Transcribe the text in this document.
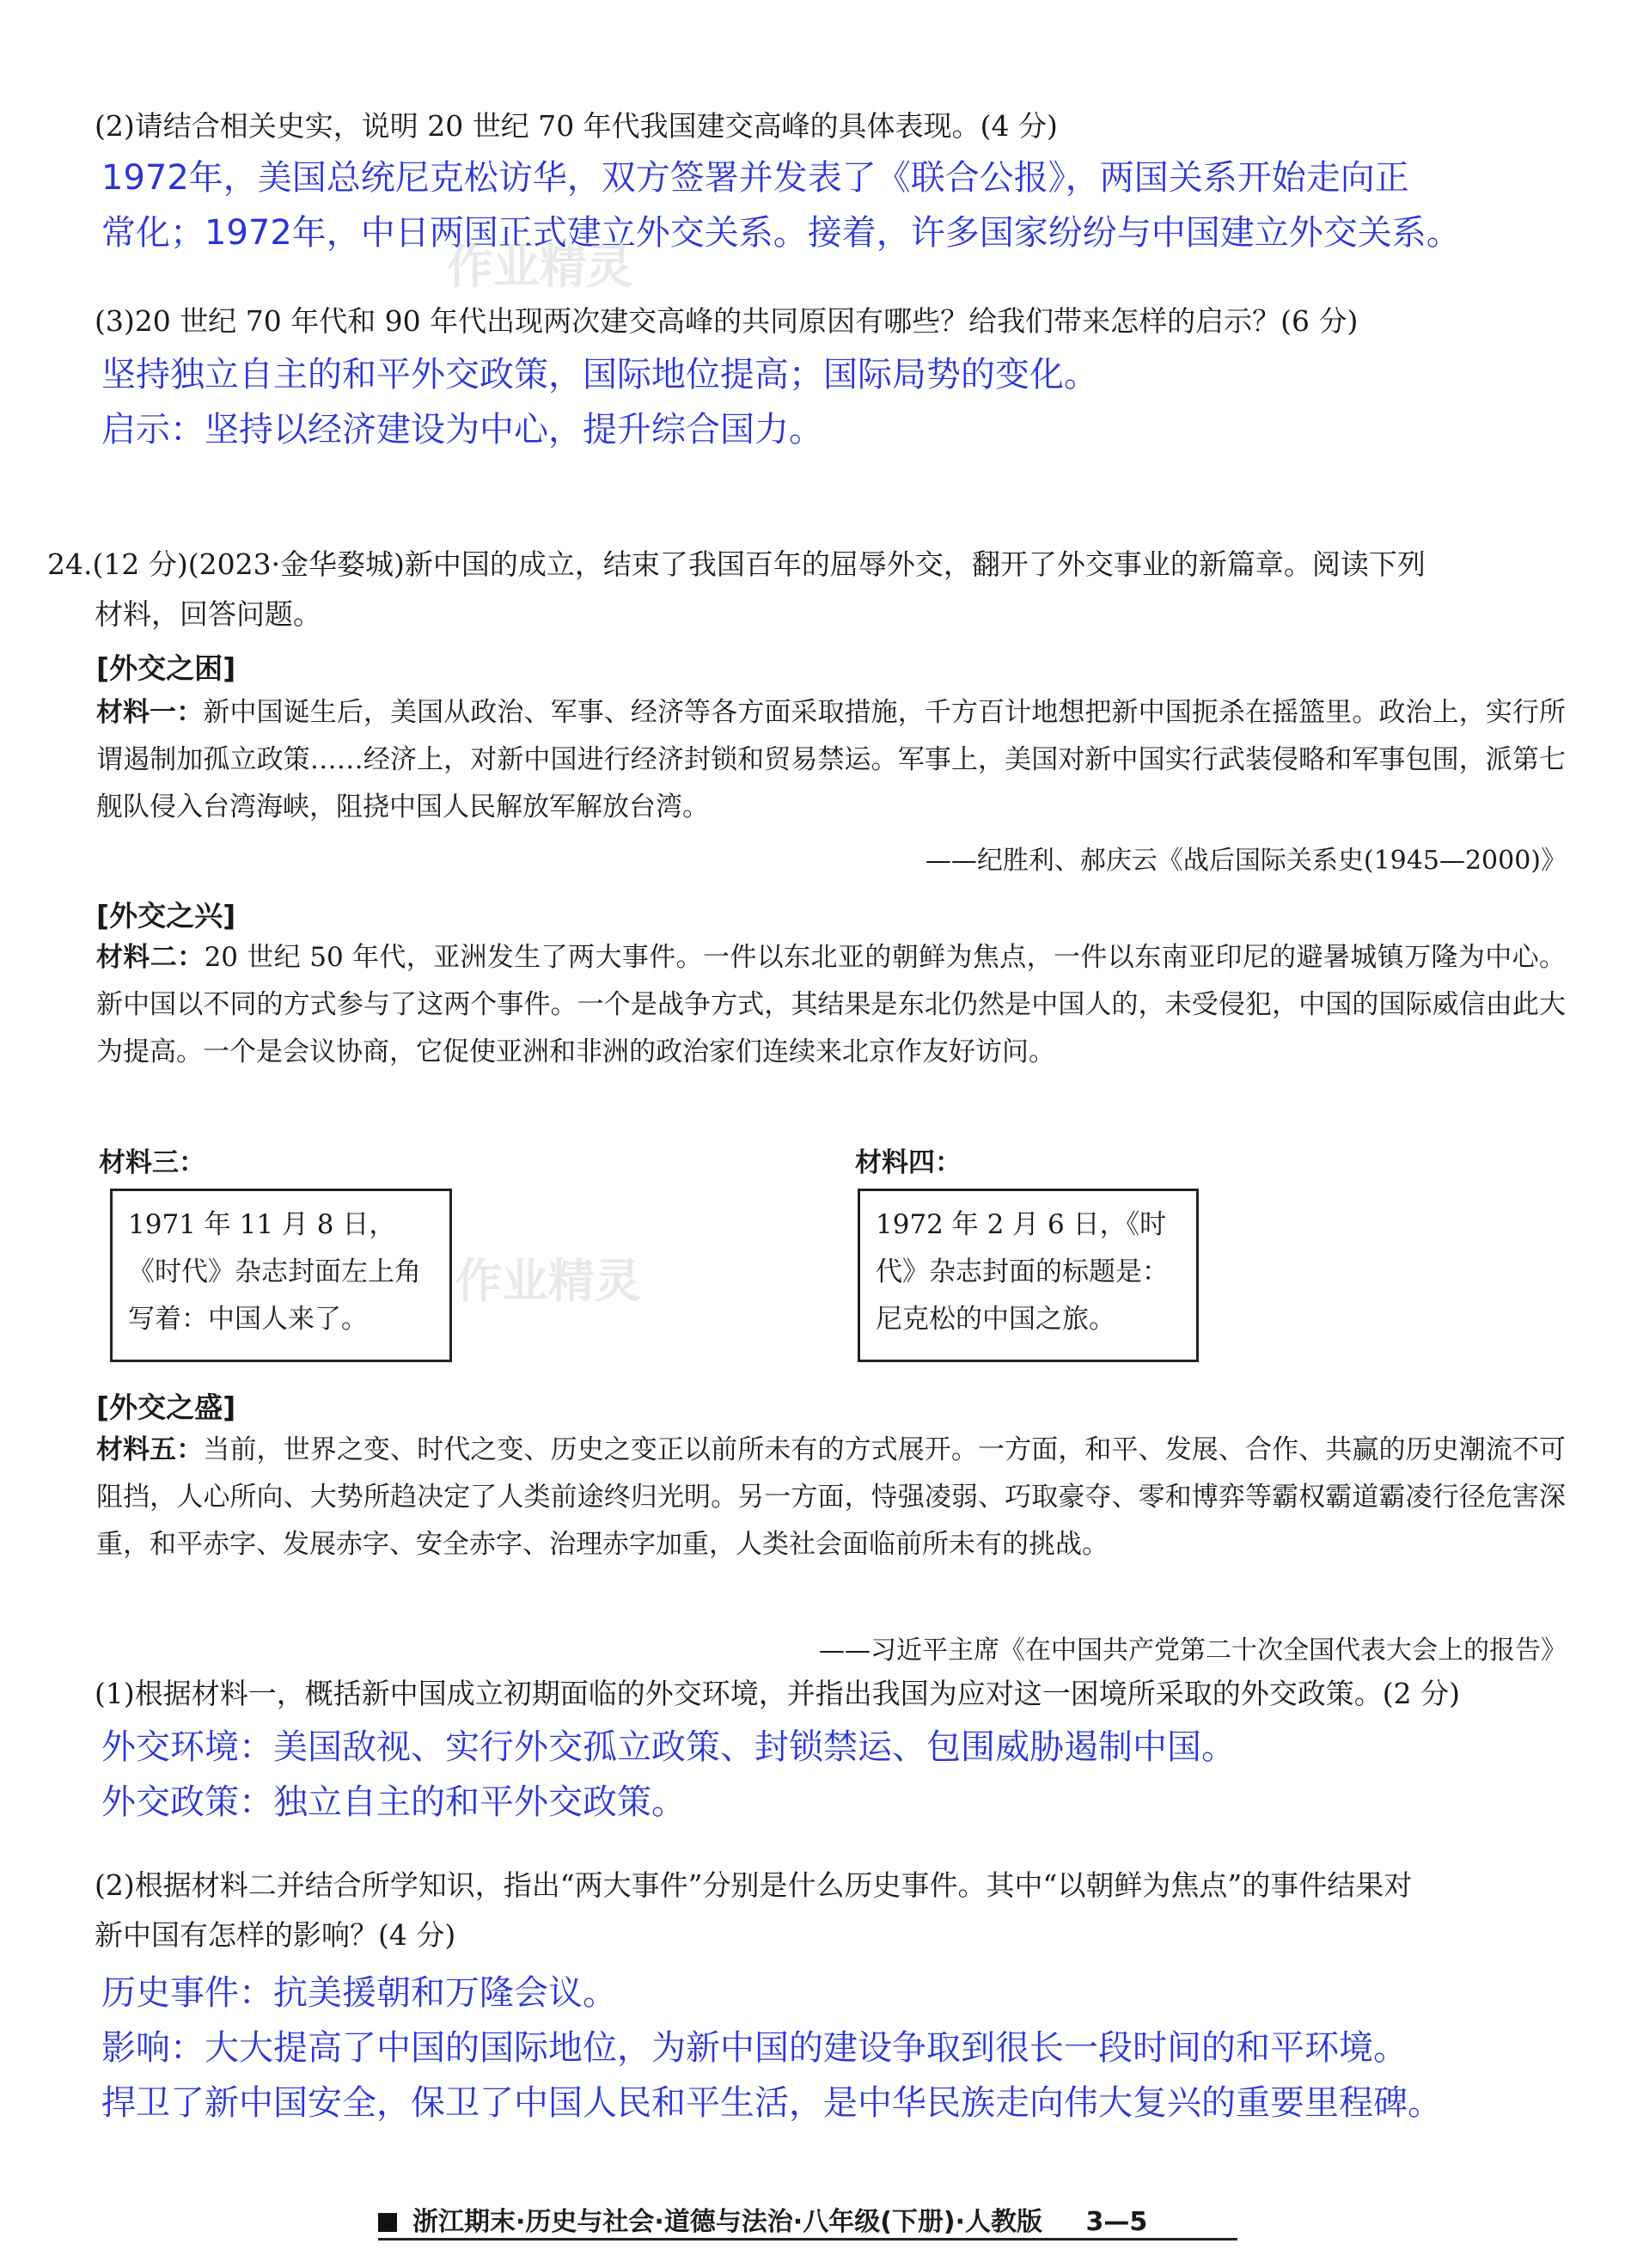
(2)请结合相关史实，说明 20 世纪 70 年代我国建交高峰的具体表现。(4 分)
1972年，美国总统尼克松访华，双方签署并发表了《联合公报》，两国关系开始走向正
常化；1972年，中日两国正式建立外交关系。接着，许多国家纷纷与中国建立外交关系。
作业精灵
(3)20 世纪 70 年代和 90 年代出现两次建交高峰的共同原因有哪些？给我们带来怎样的启示？(6 分)
坚持独立自主的和平外交政策，国际地位提高；国际局势的变化。
启示：坚持以经济建设为中心，提升综合国力。
24.(12 分)(2023·金华婺城)新中国的成立，结束了我国百年的屈辱外交，翻开了外交事业的新篇章。阅读下列
材料，回答问题。
[外交之困]
材料一：新中国诞生后，美国从政治、军事、经济等各方面采取措施，千方百计地想把新中国扼杀在摇篮里。政治上，实行所谓遏制加孤立政策……经济上，对新中国进行经济封锁和贸易禁运。军事上，美国对新中国实行武装侵略和军事包围，派第七舰队侵入台湾海峡，阻挠中国人民解放军解放台湾。
——纪胜利、郝庆云《战后国际关系史(1945—2000)》
[外交之兴]
材料二：20 世纪 50 年代，亚洲发生了两大事件。一件以东北亚的朝鲜为焦点，一件以东南亚印尼的避暑城镇万隆为中心。新中国以不同的方式参与了这两个事件。一个是战争方式，其结果是东北仍然是中国人的，未受侵犯，中国的国际威信由此大为提高。一个是会议协商，它促使亚洲和非洲的政治家们连续来北京作友好访问。
材料三：
1971 年 11 月 8 日，《时代》杂志封面左上角写着：中国人来了。
作业精灵
材料四：
1972 年 2 月 6 日，《时代》杂志封面的标题是：尼克松的中国之旅。
[外交之盛]
材料五：当前，世界之变、时代之变、历史之变正以前所未有的方式展开。一方面，和平、发展、合作、共赢的历史潮流不可阻挡，人心所向、大势所趋决定了人类前途终归光明。另一方面，恃强凌弱、巧取豪夺、零和博弈等霸权霸道霸凌行径危害深重，和平赤字、发展赤字、安全赤字、治理赤字加重，人类社会面临前所未有的挑战。
——习近平主席《在中国共产党第二十次全国代表大会上的报告》
(1)根据材料一，概括新中国成立初期面临的外交环境，并指出我国为应对这一困境所采取的外交政策。(2 分)
外交环境：美国敌视、实行外交孤立政策、封锁禁运、包围威胁遏制中国。
外交政策：独立自主的和平外交政策。
(2)根据材料二并结合所学知识，指出“两大事件”分别是什么历史事件。其中“以朝鲜为焦点”的事件结果对
新中国有怎样的影响？(4 分)
历史事件：抗美援朝和万隆会议。
影响：大大提高了中国的国际地位，为新中国的建设争取到很长一段时间的和平环境。
捍卫了新中国安全，保卫了中国人民和平生活，是中华民族走向伟大复兴的重要里程碑。
浙江期末·历史与社会·道德与法治·八年级(下册)·人教版 3—5
